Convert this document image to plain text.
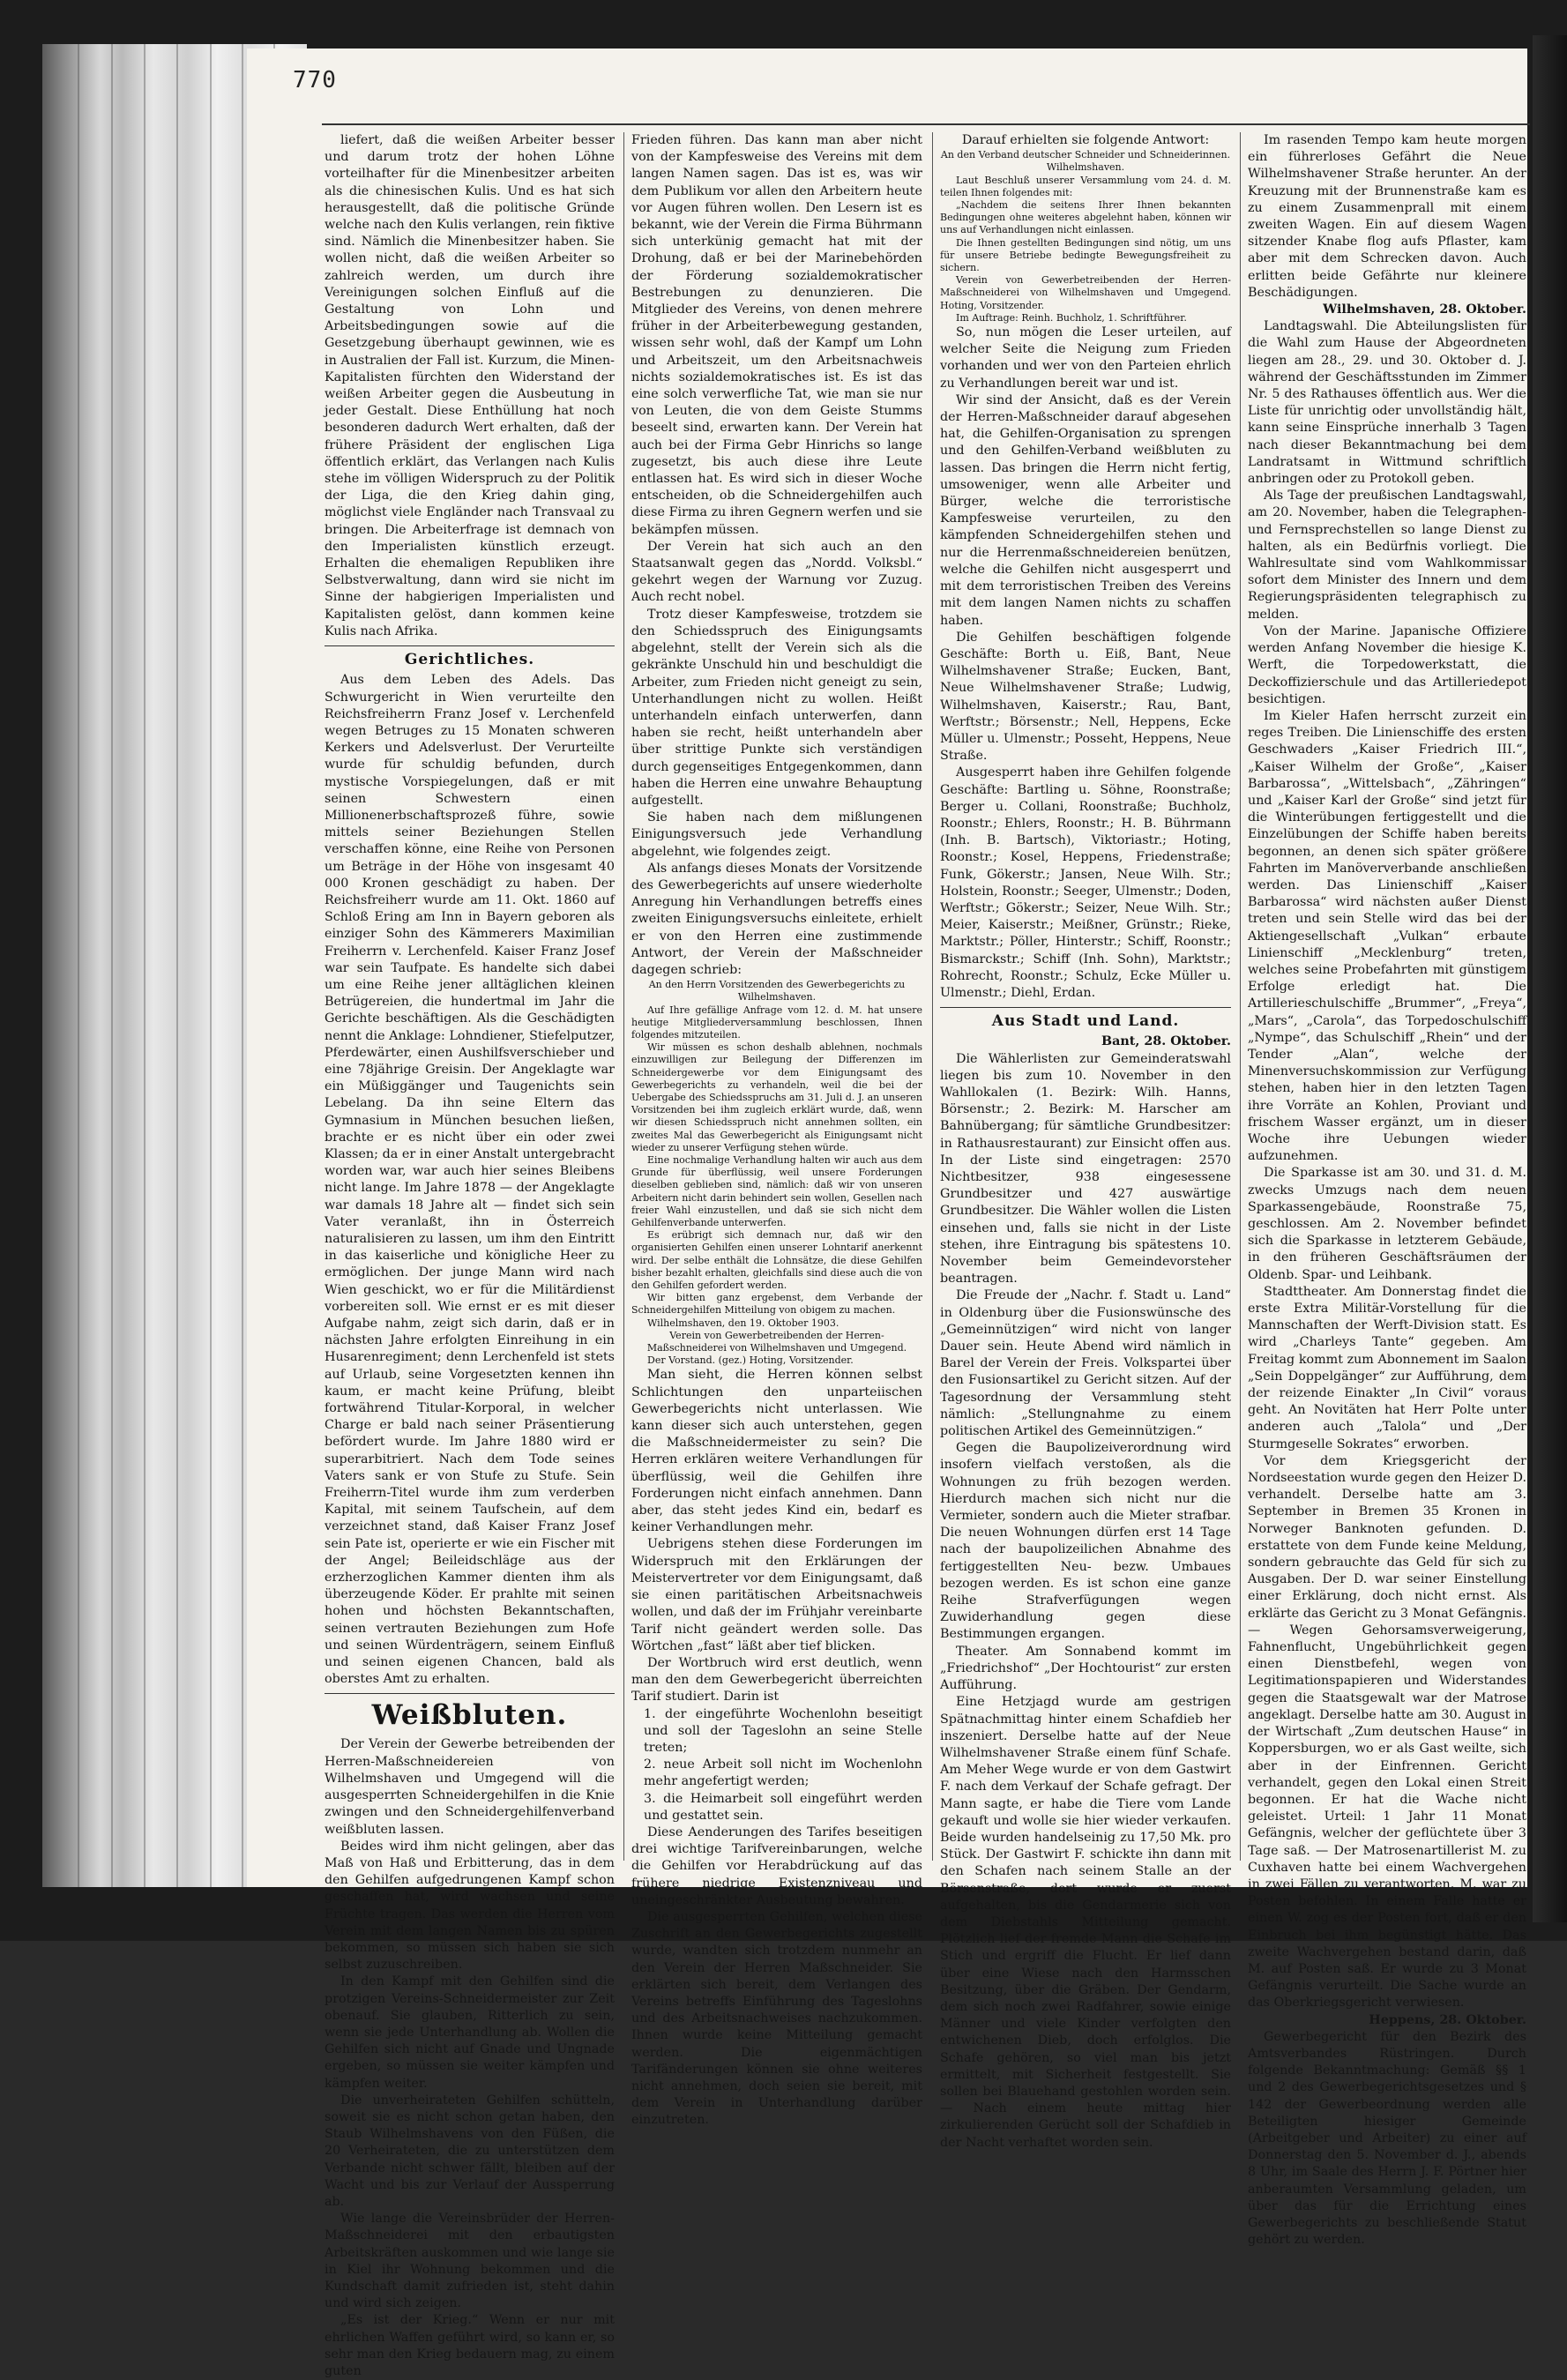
770

liefert, daß die weißen Arbeiter besser und darum trotz der hohen Löhne vorteilhafter für die Minenbesitzer arbeiten als die chinesischen Kulis. Und es hat sich herausgestellt, daß die politische Gründe welche nach den Kulis verlangen, rein fiktive sind. Nämlich die Minenbesitzer haben. Sie wollen nicht, daß die weißen Arbeiter so zahlreich werden, um durch ihre Vereinigungen solchen Einfluß auf die Gestaltung von Lohn und Arbeitsbedingungen sowie auf die Gesetzgebung überhaupt gewinnen, wie es in Australien der Fall ist. Kurzum, die Minen-Kapitalisten fürchten den Widerstand der weißen Arbeiter gegen die Ausbeutung in jeder Gestalt. Diese Enthüllung hat noch besonderen dadurch Wert erhalten, daß der frühere Präsident der englischen Liga öffentlich erklärt, das Verlangen nach Kulis stehe im völligen Widerspruch zu der Politik der Liga, die den Krieg dahin ging, möglichst viele Engländer nach Transvaal zu bringen. Die Arbeiterfrage ist demnach von den Imperialisten künstlich erzeugt. Erhalten die ehemaligen Republiken ihre Selbstverwaltung, dann wird sie nicht im Sinne der habgierigen Imperialisten und Kapitalisten gelöst, dann kommen keine Kulis nach Afrika.

Gerichtliches.

Aus dem Leben des Adels. Das Schwurgericht in Wien verurteilte den Reichsfreiherrn Franz Josef v. Lerchenfeld wegen Betruges zu 15 Monaten schweren Kerkers und Adelsverlust. Der Verurteilte wurde für schuldig befunden, durch mystische Vorspiegelungen, daß er mit seinen Schwestern einen Millionenerbschaftsprozeß führe, sowie mittels seiner Beziehungen Stellen verschaffen könne, eine Reihe von Personen um Beträge in der Höhe von insgesamt 40 000 Kronen geschädigt zu haben. Der Reichsfreiherr wurde am 11. Okt. 1860 auf Schloß Ering am Inn in Bayern geboren als einziger Sohn des Kämmerers Maximilian Freiherrn v. Lerchenfeld. Kaiser Franz Josef war sein Taufpate. Es handelte sich dabei um eine Reihe jener alltäglichen kleinen Betrügereien, die hundertmal im Jahr die Gerichte beschäftigen. Als die Geschädigten nennt die Anklage: Lohndiener, Stiefelputzer, Pferdewärter, einen Aushilfsverschieber und eine 78jährige Greisin. Der Angeklagte war ein Müßiggänger und Taugenichts sein Lebelang. Da ihn seine Eltern das Gymnasium in München besuchen ließen, brachte er es nicht über ein oder zwei Klassen; da er in einer Anstalt untergebracht worden war, war auch hier seines Bleibens nicht lange. Im Jahre 1878 — der Angeklagte war damals 18 Jahre alt — findet sich sein Vater veranlaßt, ihn in Österreich naturalisieren zu lassen, um ihm den Eintritt in das kaiserliche und königliche Heer zu ermöglichen. Der junge Mann wird nach Wien geschickt, wo er für die Militärdienst vorbereiten soll. Wie ernst er es mit dieser Aufgabe nahm, zeigt sich darin, daß er in nächsten Jahre erfolgten Einreihung in ein Husarenregiment; denn Lerchenfeld ist stets auf Urlaub, seine Vorgesetzten kennen ihn kaum, er macht keine Prüfung, bleibt fortwährend Titular-Korporal, in welcher Charge er bald nach seiner Präsentierung befördert wurde. Im Jahre 1880 wird er superarbitriert. Nach dem Tode seines Vaters sank er von Stufe zu Stufe. Sein Freiherrn-Titel wurde ihm zum verderben Kapital, mit seinem Taufschein, auf dem verzeichnet stand, daß Kaiser Franz Josef sein Pate ist, operierte er wie ein Fischer mit der Angel; Beileidschläge aus der erzherzoglichen Kammer dienten ihm als überzeugende Köder. Er prahlte mit seinen hohen und höchsten Bekanntschaften, seinen vertrauten Beziehungen zum Hofe und seinen Würdenträgern, seinem Einfluß und seinen eigenen Chancen, bald als oberstes Amt zu erhalten.

Weißbluten.

Der Verein der Gewerbe betreibenden der Herren-Maßschneidereien von Wilhelmshaven und Umgegend will die ausgesperrten Schneidergehilfen in die Knie zwingen und den Schneidergehilfenverband weißbluten lassen.

Beides wird ihm nicht gelingen, aber das Maß von Haß und Erbitterung, das in dem den Gehilfen aufgedrungenen Kampf schon geschaffen hat, wird wachsen und seine Früchte tragen. Das werden die Herren vom Verein mit dem langen Namen bis zu spüren bekommen, so müssen sich haben sie sich selbst zuzuschreiben.

In den Kampf mit den Gehilfen sind die protzigen Vereins-Schneidermeister zur Zeit obenauf. Sie glauben, Ritterlich zu sein, wenn sie jede Unterhandlung ab. Wollen die Gehilfen sich nicht auf Gnade und Ungnade ergeben, so müssen sie weiter kämpfen und kämpfen weiter.

Die unverheirateten Gehilfen schütteln, soweit sie es nicht schon getan haben, den Staub Wilhelmshavens von den Füßen, die 20 Verheirateten, die zu unterstützen dem Verbande nicht schwer fällt, bleiben auf der Wacht und bis zur Verlauf der Aussperrung ab.

Wie lange die Vereinsbrüder der Herren-Maßschneiderei mit den erbautigsten Arbeitskräften auskommen und wie lange sie in Kiel ihr Wohnung bekommen und die Kundschaft damit zufrieden ist, steht dahin und wird sich zeigen.

„Es ist der Krieg.“ Wenn er nur mit ehrlichen Waffen geführt wird, so kann er, so sehr man den Krieg bedauern mag, zu einem guten

Frieden führen. Das kann man aber nicht von der Kampfesweise des Vereins mit dem langen Namen sagen. Das ist es, was wir dem Publikum vor allen den Arbeitern heute vor Augen führen wollen. Den Lesern ist es bekannt, wie der Verein die Firma Bührmann sich unterkünig gemacht hat mit der Drohung, daß er bei der Marinebehörden der Förderung sozialdemokratischer Bestrebungen zu denunzieren. Die Mitglieder des Vereins, von denen mehrere früher in der Arbeiterbewegung gestanden, wissen sehr wohl, daß der Kampf um Lohn und Arbeitszeit, um den Arbeitsnachweis nichts sozialdemokratisches ist. Es ist das eine solch verwerfliche Tat, wie man sie nur von Leuten, die von dem Geiste Stumms beseelt sind, erwarten kann. Der Verein hat auch bei der Firma Gebr Hinrichs so lange zugesetzt, bis auch diese ihre Leute entlassen hat. Es wird sich in dieser Woche entscheiden, ob die Schneidergehilfen auch diese Firma zu ihren Gegnern werfen und sie bekämpfen müssen.

Der Verein hat sich auch an den Staatsanwalt gegen das „Nordd. Volksbl.“ gekehrt wegen der Warnung vor Zuzug. Auch recht nobel.

Trotz dieser Kampfesweise, trotzdem sie den Schiedsspruch des Einigungsamts abgelehnt, stellt der Verein sich als die gekränkte Unschuld hin und beschuldigt die Arbeiter, zum Frieden nicht geneigt zu sein, Unterhandlungen nicht zu wollen. Heißt unterhandeln einfach unterwerfen, dann haben sie recht, heißt unterhandeln aber über strittige Punkte sich verständigen durch gegenseitiges Entgegenkommen, dann haben die Herren eine unwahre Behauptung aufgestellt.

Sie haben nach dem mißlungenen Einigungsversuch jede Verhandlung abgelehnt, wie folgendes zeigt.

Als anfangs dieses Monats der Vorsitzende des Gewerbegerichts auf unsere wiederholte Anregung hin Verhandlungen betreffs eines zweiten Einigungsversuchs einleitete, erhielt er von den Herren eine zustimmende Antwort, der Verein der Maßschneider dagegen schrieb:

An den Herrn Vorsitzenden des Gewerbegerichts zu Wilhelmshaven.

Auf Ihre gefällige Anfrage vom 12. d. M. hat unsere heutige Mitgliederversammlung beschlossen, Ihnen folgendes mitzuteilen.

Wir müssen es schon deshalb ablehnen, nochmals einzuwilligen zur Beilegung der Differenzen im Schneidergewerbe vor dem Einigungsamt des Gewerbegerichts zu verhandeln, weil die bei der Uebergabe des Schiedsspruchs am 31. Juli d. J. an unseren Vorsitzenden bei ihm zugleich erklärt wurde, daß, wenn wir diesen Schiedsspruch nicht annehmen sollten, ein zweites Mal das Gewerbegericht als Einigungsamt nicht wieder zu unserer Verfügung stehen würde.

Eine nochmalige Verhandlung halten wir auch aus dem Grunde für überflüssig, weil unsere Forderungen dieselben geblieben sind, nämlich: daß wir von unseren Arbeitern nicht darin behindert sein wollen, Gesellen nach freier Wahl einzustellen, und daß sie sich nicht dem Gehilfenverbande unterwerfen.

Es erübrigt sich demnach nur, daß wir den organisierten Gehilfen einen unserer Lohntarif anerkennt wird. Der selbe enthält die Lohnsätze, die diese Gehilfen bisher bezahlt erhalten, gleichfalls sind diese auch die von den Gehilfen gefordert werden.

Wir bitten ganz ergebenst, dem Verbande der Schneidergehilfen Mitteilung von obigem zu machen.

Wilhelmshaven, den 19. Oktober 1903.

Verein von Gewerbetreibenden der Herren-Maßschneiderei von Wilhelmshaven und Umgegend.

Der Vorstand. (gez.) Hoting, Vorsitzender.

Man sieht, die Herren können selbst Schlichtungen den unparteiischen Gewerbegerichts nicht unterlassen. Wie kann dieser sich auch unterstehen, gegen die Maßschneidermeister zu sein? Die Herren erklären weitere Verhandlungen für überflüssig, weil die Gehilfen ihre Forderungen nicht einfach annehmen. Dann aber, das steht jedes Kind ein, bedarf es keiner Verhandlungen mehr.

Uebrigens stehen diese Forderungen im Widerspruch mit den Erklärungen der Meistervertreter vor dem Einigungsamt, daß sie einen paritätischen Arbeitsnachweis wollen, und daß der im Frühjahr vereinbarte Tarif nicht geändert werden solle. Das Wörtchen „fast“ läßt aber tief blicken.

Der Wortbruch wird erst deutlich, wenn man den dem Gewerbegericht überreichten Tarif studiert. Darin ist

1. der eingeführte Wochenlohn beseitigt und soll der Tageslohn an seine Stelle treten;

2. neue Arbeit soll nicht im Wochenlohn mehr angefertigt werden;

3. die Heimarbeit soll eingeführt werden und gestattet sein.

Diese Aenderungen des Tarifes beseitigen drei wichtige Tarifvereinbarungen, welche die Gehilfen vor Herabdrückung auf das frühere niedrige Existenzniveau und uneingeschränkter Ausbeutung bewahren.

Die ausgesperrten Gehilfen, welchen diese Zuschrift an den Gewerbegerichts zugestellt wurde, wandten sich trotzdem nunmehr an den Verein der Herren Maßschneider. Sie erklärten sich bereit, dem Verlangen des Vereins betreffs Einführung des Tageslohns und des Arbeitsnachweises nachzukommen. Ihnen wurde keine Mitteilung gemacht werden. Die eigenmächtigen Tarifänderungen können sie ohne weiteres nicht annehmen, doch seien sie bereit, mit dem Verein in Unterhandlung darüber einzutreten.

Darauf erhielten sie folgende Antwort:

An den Verband deutscher Schneider und Schneiderinnen. Wilhelmshaven.

Laut Beschluß unserer Versammlung vom 24. d. M. teilen Ihnen folgendes mit:

„Nachdem die seitens Ihrer Ihnen bekannten Bedingungen ohne weiteres abgelehnt haben, können wir uns auf Verhandlungen nicht einlassen.

Die Ihnen gestellten Bedingungen sind nötig, um uns für unsere Betriebe bedingte Bewegungsfreiheit zu sichern.

Verein von Gewerbetreibenden der Herren-Maßschneiderei von Wilhelmshaven und Umgegend. Hoting, Vorsitzender.

Im Auftrage: Reinh. Buchholz, 1. Schriftführer.

So, nun mögen die Leser urteilen, auf welcher Seite die Neigung zum Frieden vorhanden und wer von den Parteien ehrlich zu Verhandlungen bereit war und ist.

Wir sind der Ansicht, daß es der Verein der Herren-Maßschneider darauf abgesehen hat, die Gehilfen-Organisation zu sprengen und den Gehilfen-Verband weißbluten zu lassen. Das bringen die Herrn nicht fertig, umsoweniger, wenn alle Arbeiter und Bürger, welche die terroristische Kampfesweise verurteilen, zu den kämpfenden Schneidergehilfen stehen und nur die Herrenmaßschneidereien benützen, welche die Gehilfen nicht ausgesperrt und mit dem terroristischen Treiben des Vereins mit dem langen Namen nichts zu schaffen haben.

Die Gehilfen beschäftigen folgende Geschäfte: Borth u. Eiß, Bant, Neue Wilhelmshavener Straße; Eucken, Bant, Neue Wilhelmshavener Straße; Ludwig, Wilhelmshaven, Kaiserstr.; Rau, Bant, Werftstr.; Börsenstr.; Nell, Heppens, Ecke Müller u. Ulmenstr.; Posseht, Heppens, Neue Straße.

Ausgesperrt haben ihre Gehilfen folgende Geschäfte: Bartling u. Söhne, Roonstraße; Berger u. Collani, Roonstraße; Buchholz, Roonstr.; Ehlers, Roonstr.; H. B. Bührmann (Inh. B. Bartsch), Viktoriastr.; Hoting, Roonstr.; Kosel, Heppens, Friedenstraße; Funk, Gökerstr.; Jansen, Neue Wilh. Str.; Holstein, Roonstr.; Seeger, Ulmenstr.; Doden, Werftstr.; Gökerstr.; Seizer, Neue Wilh. Str.; Meier, Kaiserstr.; Meißner, Grünstr.; Rieke, Marktstr.; Pöller, Hinterstr.; Schiff, Roonstr.; Bismarckstr.; Schiff (Inh. Sohn), Marktstr.; Rohrecht, Roonstr.; Schulz, Ecke Müller u. Ulmenstr.; Diehl, Erdan.

Aus Stadt und Land.

Bant, 28. Oktober.

Die Wählerlisten zur Gemeinderatswahl liegen bis zum 10. November in den Wahllokalen (1. Bezirk: Wilh. Hanns, Börsenstr.; 2. Bezirk: M. Harscher am Bahnübergang; für sämtliche Grundbesitzer: in Rathausrestaurant) zur Einsicht offen aus. In der Liste sind eingetragen: 2570 Nichtbesitzer, 938 eingesessene Grundbesitzer und 427 auswärtige Grundbesitzer. Die Wähler wollen die Listen einsehen und, falls sie nicht in der Liste stehen, ihre Eintragung bis spätestens 10. November beim Gemeindevorsteher beantragen.

Die Freude der „Nachr. f. Stadt u. Land“ in Oldenburg über die Fusionswünsche des „Gemeinnützigen“ wird nicht von langer Dauer sein. Heute Abend wird nämlich in Barel der Verein der Freis. Volkspartei über den Fusionsartikel zu Gericht sitzen. Auf der Tagesordnung der Versammlung steht nämlich: „Stellungnahme zu einem politischen Artikel des Gemeinnützigen.“

Gegen die Baupolizeiverordnung wird insofern vielfach verstoßen, als die Wohnungen zu früh bezogen werden. Hierdurch machen sich nicht nur die Vermieter, sondern auch die Mieter strafbar. Die neuen Wohnungen dürfen erst 14 Tage nach der baupolizeilichen Abnahme des fertiggestellten Neu- bezw. Umbaues bezogen werden. Es ist schon eine ganze Reihe Strafverfügungen wegen Zuwiderhandlung gegen diese Bestimmungen ergangen.

Theater. Am Sonnabend kommt im „Friedrichshof“ „Der Hochtourist“ zur ersten Aufführung.

Eine Hetzjagd wurde am gestrigen Spätnachmittag hinter einem Schafdieb her inszeniert. Derselbe hatte auf der Neue Wilhelmshavener Straße einem fünf Schafe. Am Meher Wege wurde er von dem Gastwirt F. nach dem Verkauf der Schafe gefragt. Der Mann sagte, er habe die Tiere vom Lande gekauft und wolle sie hier wieder verkaufen. Beide wurden handelseinig zu 17,50 Mk. pro Stück. Der Gastwirt F. schickte ihn dann mit den Schafen nach seinem Stalle an der Börsenstraße, dort wurde er zuerst aufgehalten, bis die Gendarmerie sich von dem Diebstahls Mitteilung gemacht. Plötzlich lief der fremde Mann die Schafe im Stich und ergriff die Flucht. Er lief dann über eine Wiese nach den Harmsschen Besitzung, über die Gräben. Der Gendarm, dem sich noch zwei Radfahrer, sowie einige Männer und viele Kinder verfolgten den entwichenen Dieb, doch erfolglos. Die Schafe gehören, so viel man bis jetzt ermittelt, mit Sicherheit festgestellt. Sie sollen bei Blauehand gestohlen worden sein. — Nach einem heute mittag hier zirkulierenden Gerücht soll der Schafdieb in der Nacht verhaftet worden sein.

Im rasenden Tempo kam heute morgen ein führerloses Gefährt die Neue Wilhelmshavener Straße herunter. An der Kreuzung mit der Brunnenstraße kam es zu einem Zusammenprall mit einem zweiten Wagen. Ein auf diesem Wagen sitzender Knabe flog aufs Pflaster, kam aber mit dem Schrecken davon. Auch erlitten beide Gefährte nur kleinere Beschädigungen.

Wilhelmshaven, 28. Oktober.

Landtagswahl. Die Abteilungslisten für die Wahl zum Hause der Abgeordneten liegen am 28., 29. und 30. Oktober d. J. während der Geschäftsstunden im Zimmer Nr. 5 des Rathauses öffentlich aus. Wer die Liste für unrichtig oder unvollständig hält, kann seine Einsprüche innerhalb 3 Tagen nach dieser Bekanntmachung bei dem Landratsamt in Wittmund schriftlich anbringen oder zu Protokoll geben.

Als Tage der preußischen Landtagswahl, am 20. November, haben die Telegraphen- und Fernsprechstellen so lange Dienst zu halten, als ein Bedürfnis vorliegt. Die Wahlresultate sind vom Wahlkommissar sofort dem Minister des Innern und dem Regierungspräsidenten telegraphisch zu melden.

Von der Marine. Japanische Offiziere werden Anfang November die hiesige K. Werft, die Torpedowerkstatt, die Deckoffizierschule und das Artilleriedepot besichtigen.

Im Kieler Hafen herrscht zurzeit ein reges Treiben. Die Linienschiffe des ersten Geschwaders „Kaiser Friedrich III.“, „Kaiser Wilhelm der Große“, „Kaiser Barbarossa“, „Wittelsbach“, „Zähringen“ und „Kaiser Karl der Große“ sind jetzt für die Winterübungen fertiggestellt und die Einzelübungen der Schiffe haben bereits begonnen, an denen sich später größere Fahrten im Manöververbande anschließen werden. Das Linienschiff „Kaiser Barbarossa“ wird nächsten außer Dienst treten und sein Stelle wird das bei der Aktiengesellschaft „Vulkan“ erbaute Linienschiff „Mecklenburg“ treten, welches seine Probefahrten mit günstigem Erfolge erledigt hat. Die Artillerieschulschiffe „Brummer“, „Freya“, „Mars“, „Carola“, das Torpedoschulschiff „Nympe“, das Schulschiff „Rhein“ und der Tender „Alan“, welche der Minenversuchskommission zur Verfügung stehen, haben hier in den letzten Tagen ihre Vorräte an Kohlen, Proviant und frischem Wasser ergänzt, um in dieser Woche ihre Uebungen wieder aufzunehmen.

Die Sparkasse ist am 30. und 31. d. M. zwecks Umzugs nach dem neuen Sparkassengebäude, Roonstraße 75, geschlossen. Am 2. November befindet sich die Sparkasse in letzterem Gebäude, in den früheren Geschäftsräumen der Oldenb. Spar- und Leihbank.

Stadttheater. Am Donnerstag findet die erste Extra Militär-Vorstellung für die Mannschaften der Werft-Division statt. Es wird „Charleys Tante“ gegeben. Am Freitag kommt zum Abonnement im Saalon „Sein Doppelgänger“ zur Aufführung, dem der reizende Einakter „In Civil“ voraus geht. An Novitäten hat Herr Polte unter anderen auch „Talola“ und „Der Sturmgeselle Sokrates“ erworben.

Vor dem Kriegsgericht der Nordseestation wurde gegen den Heizer D. verhandelt. Derselbe hatte am 3. September in Bremen 35 Kronen in Norweger Banknoten gefunden. D. erstattete von dem Funde keine Meldung, sondern gebrauchte das Geld für sich zu Ausgaben. Der D. war seiner Einstellung einer Erklärung, doch nicht ernst. Als erklärte das Gericht zu 3 Monat Gefängnis. — Wegen Gehorsamsverweigerung, Fahnenflucht, Ungebührlichkeit gegen einen Dienstbefehl, wegen von Legitimationspapieren und Widerstandes gegen die Staatsgewalt war der Matrose angeklagt. Derselbe hatte am 30. August in der Wirtschaft „Zum deutschen Hause“ in Koppersburgen, wo er als Gast weilte, sich aber in der Einfrennen. Gericht verhandelt, gegen den Lokal einen Streit begonnen. Er hat die Wache nicht geleistet. Urteil: 1 Jahr 11 Monat Gefängnis, welcher der geflüchtete über 3 Tage saß. — Der Matrosenartillerist M. zu Cuxhaven hatte bei einem Wachvergehen in zwei Fällen zu verantworten. M. war zu Posten befohlen. In einem Falle hatte er einen W. zog es der Posten fort, daß er den Einbruch bei ihm begünstigt hätte. Das zweite Wachvergehen bestand darin, daß M. auf Posten saß. Er wurde zu 3 Monat Gefängnis verurteilt. Die Sache wurde an das Oberkriegsgericht verwiesen.

Heppens, 28. Oktober.

Gewerbegericht für den Bezirk des Amtsverbandes Rüstringen. Durch folgende Bekanntmachung: Gemäß §§ 1 und 2 des Gewerbegerichtsgesetzes und § 142 der Gewerbeordnung werden alle Beteiligten hiesiger Gemeinde (Arbeitgeber und Arbeiter) zu einer auf Donnerstag den 5. November d. J., abends 8 Uhr, im Saale des Herrn J. F. Pörtner hier anberaumten Versammlung geladen, um über das für die Errichtung eines Gewerbegerichts zu beschließende Statut gehört zu werden.
